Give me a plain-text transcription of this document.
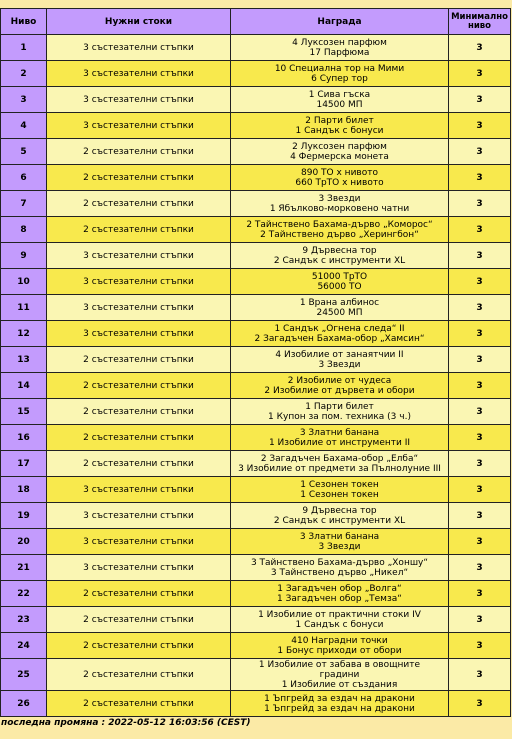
Ниво	Нужни стоки	Награда	Минимално
ниво
1	3 състезателни стъпки	4 Луксозен парфюм
17 Парфюма	3
2	3 състезателни стъпки	10 Специална тор на Мими
6 Супер тор	3
3	3 състезателни стъпки	1 Сива гъска
14500 МП	3
4	3 състезателни стъпки	2 Парти билет
1 Сандък с бонуси	3
5	2 състезателни стъпки	2 Луксозен парфюм
4 Фермерска монета	3
6	2 състезателни стъпки	890 ТО x нивото
660 ТрТО x нивото	3
7	2 състезателни стъпки	3 Звезди
1 Ябълково-морковено чатни	3
8	2 състезателни стъпки	2 Тайнствено Бахама-дърво „Коморос“
2 Тайнствено дърво „Херингбон“	3
9	3 състезателни стъпки	9 Дървесна тор
2 Сандък с инструменти XL	3
10	3 състезателни стъпки	51000 ТрТО
56000 ТО	3
11	3 състезателни стъпки	1 Врана албинос
24500 МП	3
12	3 състезателни стъпки	1 Сандък „Огнена следа“ II
2 Загадъчен Бахама-обор „Хамсин“	3
13	2 състезателни стъпки	4 Изобилие от занаятчии II
3 Звезди	3
14	2 състезателни стъпки	2 Изобилие от чудеса
2 Изобилие от дървета и обори	3
15	2 състезателни стъпки	1 Парти билет
1 Купон за пом. техника (3 ч.)	3
16	2 състезателни стъпки	3 Златни банана
1 Изобилие от инструменти II	3
17	2 състезателни стъпки	2 Загадъчен Бахама-обор „Елба“
3 Изобилие от предмети за Пълнолуние III	3
18	3 състезателни стъпки	1 Сезонен токен
1 Сезонен токен	3
19	3 състезателни стъпки	9 Дървесна тор
2 Сандък с инструменти XL	3
20	3 състезателни стъпки	3 Златни банана
3 Звезди	3
21	3 състезателни стъпки	3 Тайнствено Бахама-дърво „Хоншу“
3 Тайнствено дърво „Никел“	3
22	2 състезателни стъпки	1 Загадъчен обор „Волга“
1 Загадъчен обор „Темза“	3
23	2 състезателни стъпки	1 Изобилие от практични стоки IV
1 Сандък с бонуси	3
24	2 състезателни стъпки	410 Наградни точки
1 Бонус приходи от обори	3
25	2 състезателни стъпки	1 Изобилие от забава в овощните
градини
1 Изобилие от създания	3
26	2 състезателни стъпки	1 Ъпгрейд за ездач на дракони
1 Ъпгрейд за ездач на дракони	3
последна промяна : 2022-05-12 16:03:56 (CEST)
